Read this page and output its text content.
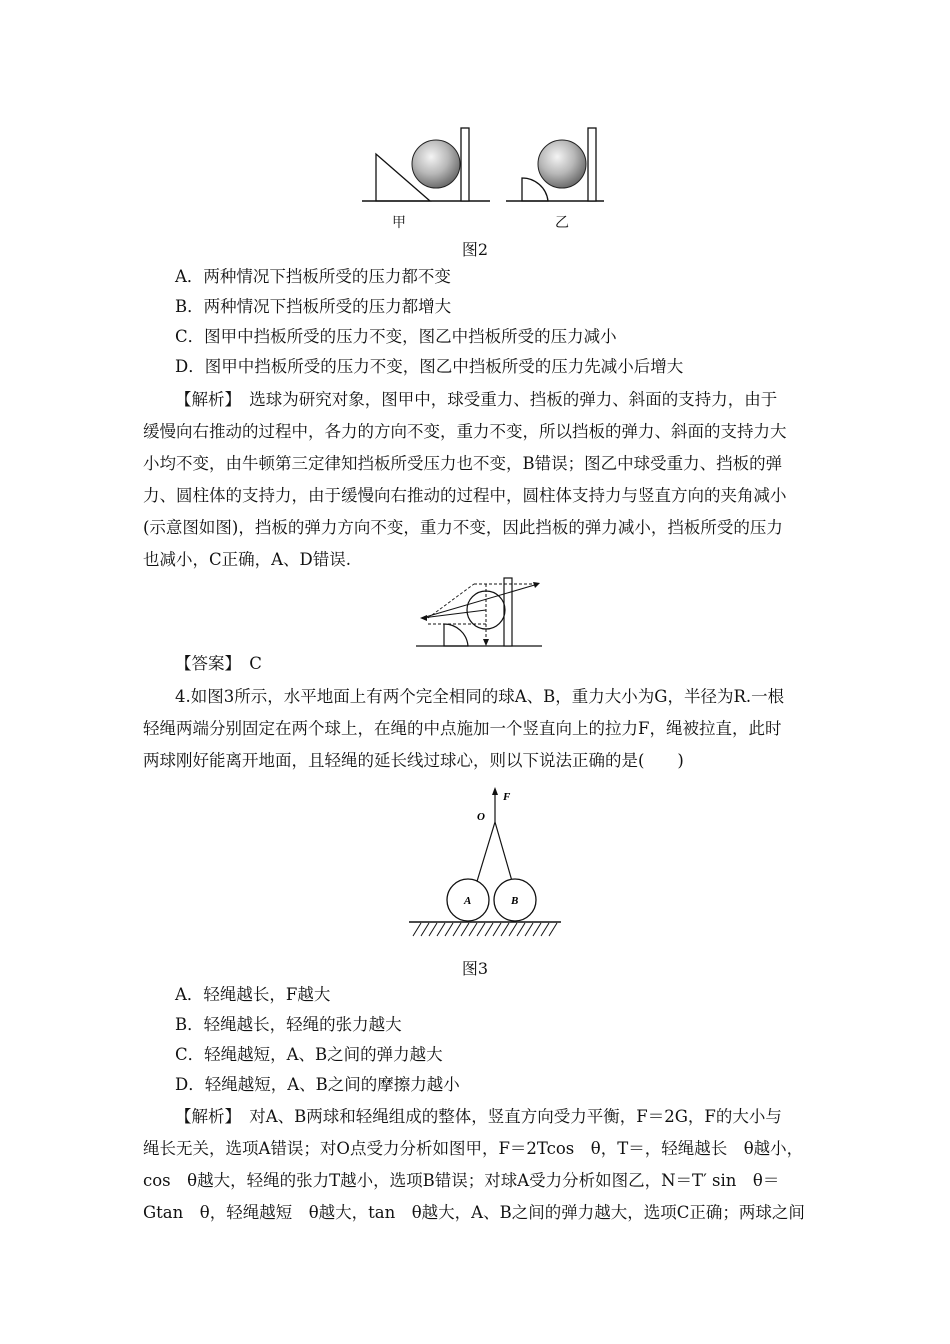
甲	乙
图2
A．两种情况下挡板所受的压力都不变
B．两种情况下挡板所受的压力都增大
C．图甲中挡板所受的压力不变，图乙中挡板所受的压力减小
D．图甲中挡板所受的压力不变，图乙中挡板所受的压力先减小后增大
【解析】　选球为研究对象，图甲中，球受重力、挡板的弹力、斜面的支持力，由于
缓慢向右推动的过程中，各力的方向不变，重力不变，所以挡板的弹力、斜面的支持力大
小均不变，由牛顿第三定律知挡板所受压力也不变，B错误；图乙中球受重力、挡板的弹
力、圆柱体的支持力，由于缓慢向右推动的过程中，圆柱体支持力与竖直方向的夹角减小
(示意图如图)，挡板的弹力方向不变，重力不变，因此挡板的弹力减小，挡板所受的压力
也减小，C正确，A、D错误.
【答案】　C
4.如图3所示，水平地面上有两个完全相同的球A、B，重力大小为G，半径为R.一根
轻绳两端分别固定在两个球上，在绳的中点施加一个竖直向上的拉力F，绳被拉直，此时
两球刚好能离开地面，且轻绳的延长线过球心，则以下说法正确的是(　　)
F
O
A	B
图3
A．轻绳越长，F越大
B．轻绳越长，轻绳的张力越大
C．轻绳越短，A、B之间的弹力越大
D．轻绳越短，A、B之间的摩擦力越小
【解析】　对A、B两球和轻绳组成的整体，竖直方向受力平衡，F＝2G，F的大小与
绳长无关，选项A错误；对O点受力分析如图甲，F＝2Tcos　θ，T＝，轻绳越长　θ越小，
cos　θ越大，轻绳的张力T越小，选项B错误；对球A受力分析如图乙，N＝T′ sin　θ＝
Gtan　θ，轻绳越短　θ越大，tan　θ越大，A、B之间的弹力越大，选项C正确；两球之间
